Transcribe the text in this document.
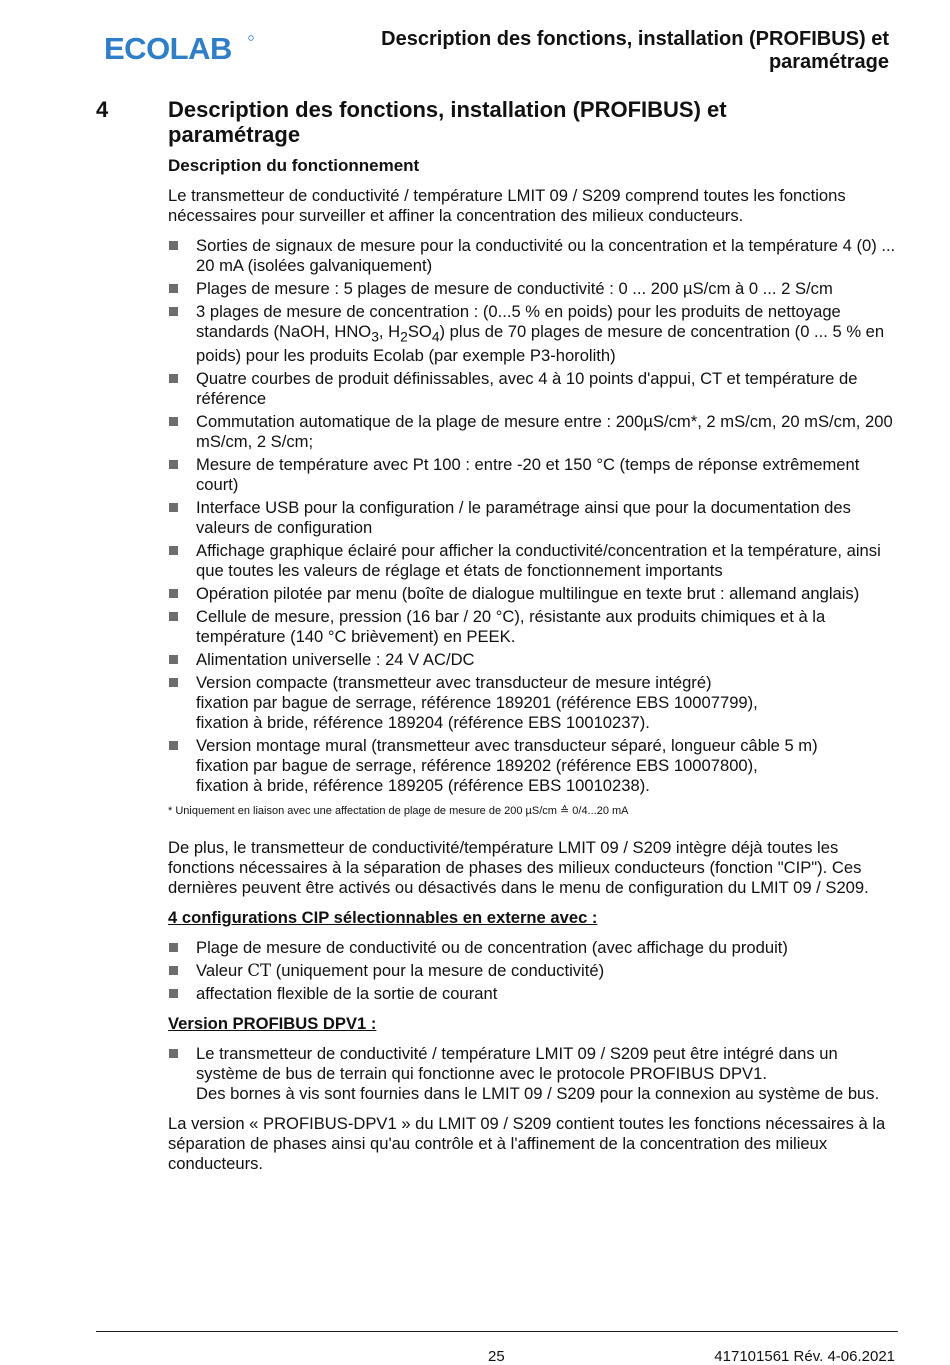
ECOLAB	Description des fonctions, installation (PROFIBUS) et
paramétrage
4	Description des fonctions, installation (PROFIBUS) et
paramétrage
Description du fonctionnement

Le transmetteur de conductivité / température LMIT 09 / S209 comprend toutes les fonctions nécessaires pour surveiller et affiner la concentration des milieux conducteurs.

Sorties de signaux de mesure pour la conductivité ou la concentration et la température 4 (0) ... 20 mA (isolées galvaniquement)
Plages de mesure : 5 plages de mesure de conductivité : 0 ... 200 µS/cm à 0 ... 2 S/cm
3 plages de mesure de concentration : (0...5 % en poids) pour les produits de nettoyage standards (NaOH, $HNO_3$, $H_2SO_4$) plus de 70 plages de mesure de concentration (0 ... 5 % en poids) pour les produits Ecolab (par exemple P3-horolith)
Quatre courbes de produit définissables, avec 4 à 10 points d'appui, CT et température de référence
Commutation automatique de la plage de mesure entre : 200µS/cm*, 2 mS/cm, 20 mS/cm, 200 mS/cm, 2 S/cm;
Mesure de température avec Pt 100 : entre -20 et 150 °C (temps de réponse extrêmement court)
Interface USB pour la configuration / le paramétrage ainsi que pour la documentation des valeurs de configuration
Affichage graphique éclairé pour afficher la conductivité/concentration et la température, ainsi que toutes les valeurs de réglage et états de fonctionnement importants
Opération pilotée par menu (boîte de dialogue multilingue en texte brut : allemand anglais)
Cellule de mesure, pression (16 bar / 20 °C), résistante aux produits chimiques et à la température (140 °C brièvement) en PEEK.
Alimentation universelle : 24 V AC/DC
Version compacte (transmetteur avec transducteur de mesure intégré)
fixation par bague de serrage, référence 189201 (référence EBS 10007799),
fixation à bride, référence 189204 (référence EBS 10010237).
Version montage mural (transmetteur avec transducteur séparé, longueur câble 5 m)
fixation par bague de serrage, référence 189202 (référence EBS 10007800),
fixation à bride, référence 189205 (référence EBS 10010238).

* Uniquement en liaison avec une affectation de plage de mesure de 200 µS/cm ≙ 0/4...20 mA

De plus, le transmetteur de conductivité/température LMIT 09 / S209 intègre déjà toutes les fonctions nécessaires à la séparation de phases des milieux conducteurs (fonction "CIP"). Ces dernières peuvent être activés ou désactivés dans le menu de configuration du LMIT 09 / S209.

4 configurations CIP sélectionnables en externe avec :

Plage de mesure de conductivité ou de concentration (avec affichage du produit)
Valeur CT (uniquement pour la mesure de conductivité)
affectation flexible de la sortie de courant

Version PROFIBUS DPV1 :

Le transmetteur de conductivité / température LMIT 09 / S209 peut être intégré dans un système de bus de terrain qui fonctionne avec le protocole PROFIBUS DPV1.
Des bornes à vis sont fournies dans le LMIT 09 / S209 pour la connexion au système de bus.

La version « PROFIBUS-DPV1 » du LMIT 09 / S209 contient toutes les fonctions nécessaires à la séparation de phases ainsi qu'au contrôle et à l'affinement de la concentration des milieux conducteurs.

25	417101561 Rév. 4-06.2021
